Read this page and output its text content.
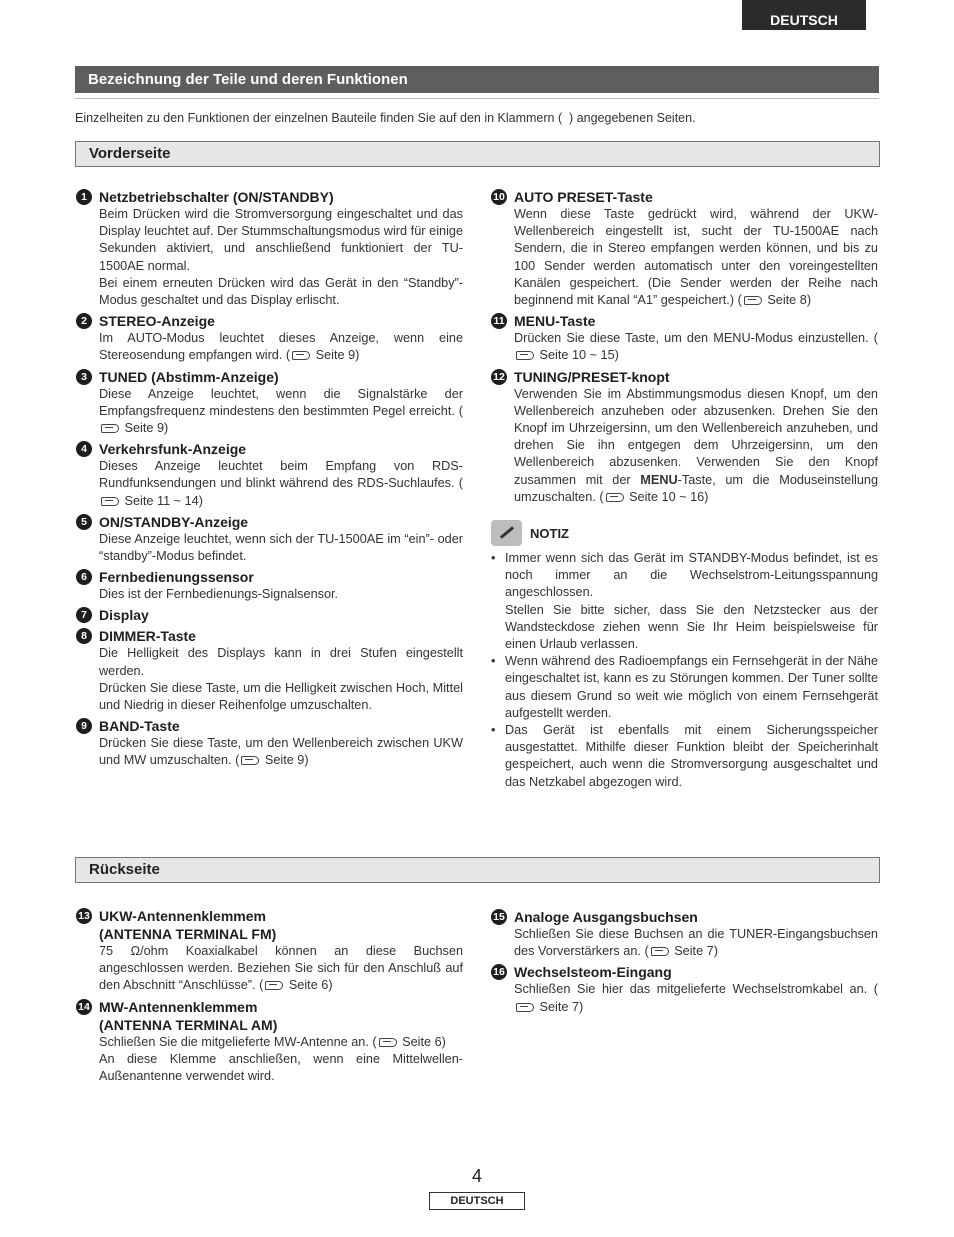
DEUTSCH
Bezeichnung der Teile und deren Funktionen
Einzelheiten zu den Funktionen der einzelnen Bauteile finden Sie auf den in Klammern (  ) angegebenen Seiten.
Vorderseite
1 Netzbetriebschalter (ON/STANDBY)

Beim Drücken wird die Stromversorgung eingeschaltet und das Display leuchtet auf. Der Stummschaltungsmodus wird für einige Sekunden aktiviert, und anschließend funktioniert der TU-1500AE normal.

Bei einem erneuten Drücken wird das Gerät in den “Standby”-Modus geschaltet und das Display erlischt.

2 STEREO-Anzeige

Im AUTO-Modus leuchtet dieses Anzeige, wenn eine Stereosendung empfangen wird. ( Seite 9)

3 TUNED (Abstimm-Anzeige)

Diese Anzeige leuchtet, wenn die Signalstärke der Empfangsfrequenz mindestens den bestimmten Pegel erreicht. ( Seite 9)

4 Verkehrsfunk-Anzeige

Dieses Anzeige leuchtet beim Empfang von RDS-Rundfunksendungen und blinkt während des RDS-Suchlaufes. ( Seite 11 ~ 14)

5 ON/STANDBY-Anzeige

Diese Anzeige leuchtet, wenn sich der TU-1500AE im “ein”- oder “standby”-Modus befindet.

6 Fernbedienungssensor

Dies ist der Fernbedienungs-Signalsensor.

7 Display
8 DIMMER-Taste

Die Helligkeit des Displays kann in drei Stufen eingestellt werden.

Drücken Sie diese Taste, um die Helligkeit zwischen Hoch, Mittel und Niedrig in dieser Reihenfolge umzuschalten.

9 BAND-Taste

Drücken Sie diese Taste, um den Wellenbereich zwischen UKW und MW umzuschalten. ( Seite 9)

10 AUTO PRESET-Taste

Wenn diese Taste gedrückt wird, während der UKW-Wellenbereich eingestellt ist, sucht der TU-1500AE nach Sendern, die in Stereo empfangen werden können, und bis zu 100 Sender werden automatisch unter den voreingestellten Kanälen gespeichert. (Die Sender werden der Reihe nach beginnend mit Kanal “A1” gespeichert.) ( Seite 8)

11 MENU-Taste

Drücken Sie diese Taste, um den MENU-Modus einzustellen. ( Seite 10 ~ 15)

12 TUNING/PRESET-knopt

Verwenden Sie im Abstimmungsmodus diesen Knopf, um den Wellenbereich anzuheben oder abzusenken. Drehen Sie den Knopf im Uhrzeigersinn, um den Wellenbereich anzuheben, und drehen Sie ihn entgegen dem Uhrzeigersinn, um den Wellenbereich abzusenken. Verwenden Sie den Knopf zusammen mit der MENU-Taste, um die Moduseinstellung umzuschalten. ( Seite 10 ~ 16)

NOTIZ

• Immer wenn sich das Gerät im STANDBY-Modus befindet, ist es noch immer an die Wechselstrom-Leitungsspannung angeschlossen.

Stellen Sie bitte sicher, dass Sie den Netzstecker aus der Wandsteckdose ziehen wenn Sie Ihr Heim beispielsweise für einen Urlaub verlassen.

• Wenn während des Radioempfangs ein Fernsehgerät in der Nähe eingeschaltet ist, kann es zu Störungen kommen. Der Tuner sollte aus diesem Grund so weit wie möglich von einem Fernsehgerät aufgestellt werden.

• Das Gerät ist ebenfalls mit einem Sicherungsspeicher ausgestattet. Mithilfe dieser Funktion bleibt der Speicherinhalt gespeichert, auch wenn die Stromversorgung ausgeschaltet und das Netzkabel abgezogen wird.

Rückseite
13 UKW-Antennenklemmem
(ANTENNA TERMINAL FM)

75 Ω/ohm Koaxialkabel können an diese Buchsen angeschlossen werden. Beziehen Sie sich für den Anschluß auf den Abschnitt “Anschlüsse”. ( Seite 6)

14 MW-Antennenklemmem
(ANTENNA TERMINAL AM)

Schließen Sie die mitgelieferte MW-Antenne an. ( Seite 6)

An diese Klemme anschließen, wenn eine Mittelwellen-Außenantenne verwendet wird.

15 Analoge Ausgangsbuchsen

Schließen Sie diese Buchsen an die TUNER-Eingangsbuchsen des Vorverstärkers an. ( Seite 7)

16 Wechselsteom-Eingang

Schließen Sie hier das mitgelieferte Wechselstromkabel an. ( Seite 7)

4
DEUTSCH
